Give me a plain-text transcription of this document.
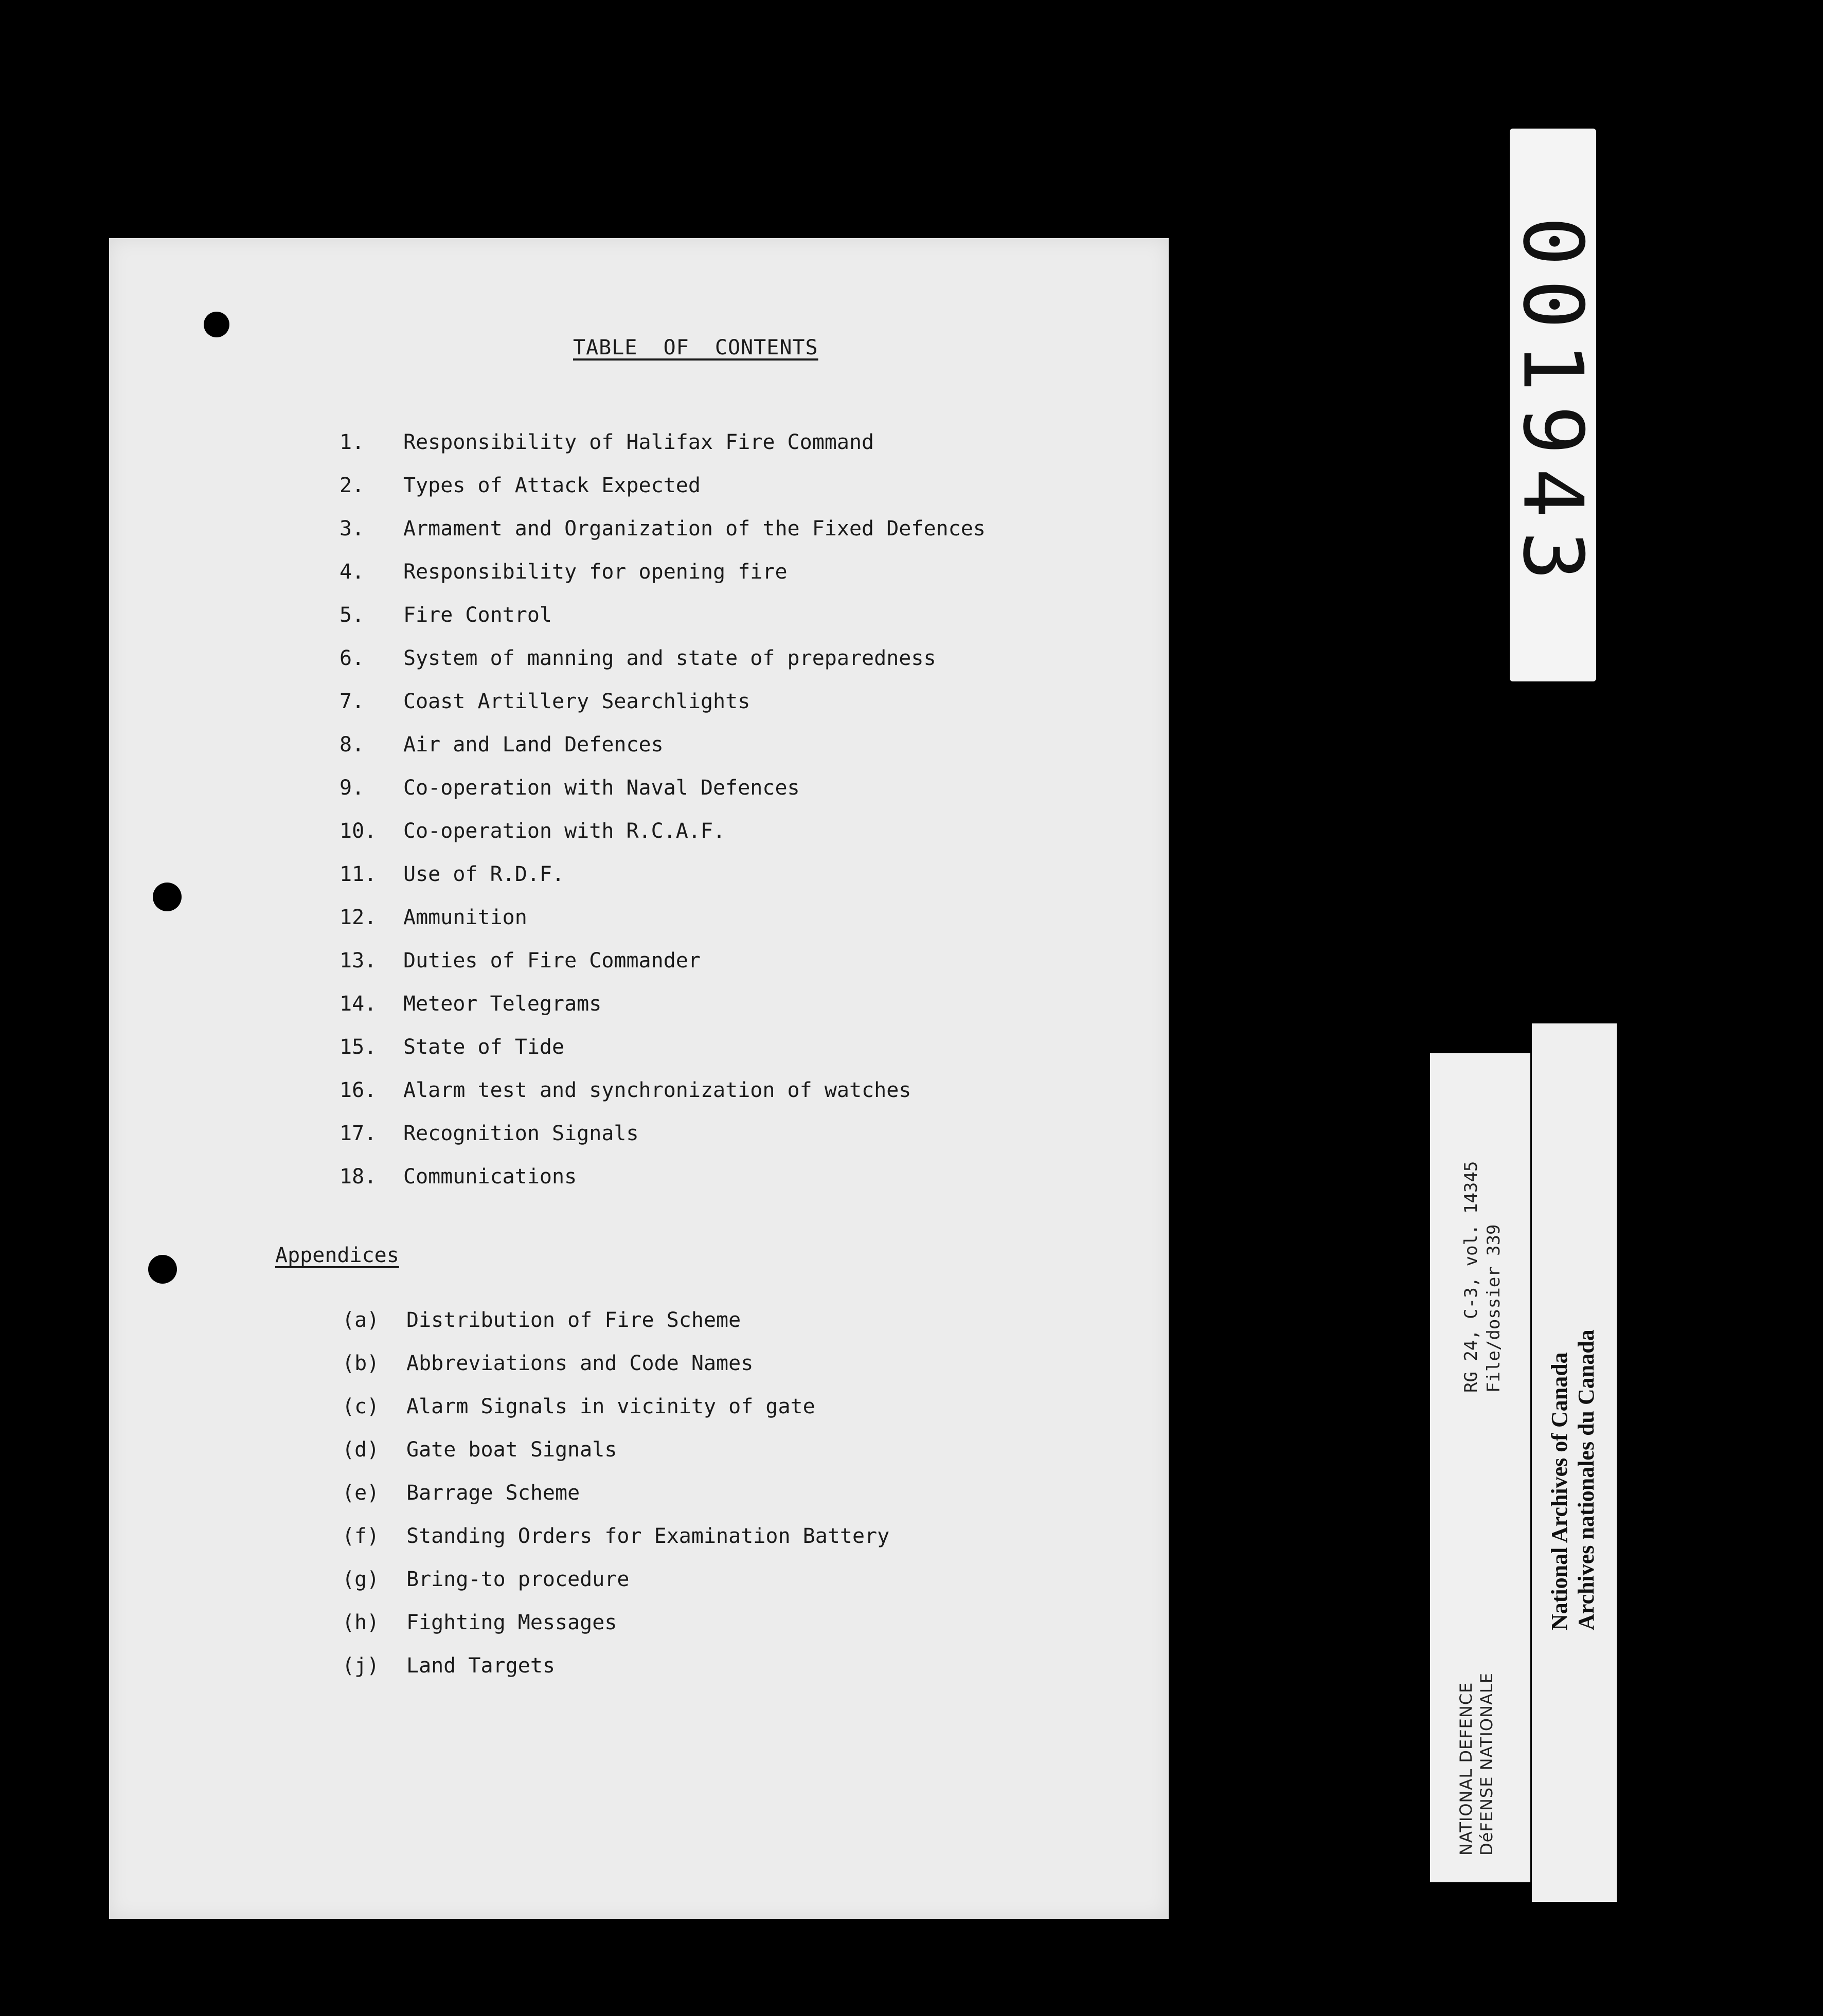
TABLE  OF  CONTENTS
1.	Responsibility of Halifax Fire Command
2.	Types of Attack Expected
3.	Armament and Organization of the Fixed Defences
4.	Responsibility for opening fire
5.	Fire Control
6.	System of manning and state of preparedness
7.	Coast Artillery Searchlights
8.	Air and Land Defences
9.	Co-operation with Naval Defences
10.	Co-operation with R.C.A.F.
11.	Use of R.D.F.
12.	Ammunition
13.	Duties of Fire Commander
14.	Meteor Telegrams
15.	State of Tide
16.	Alarm test and synchronization of watches
17.	Recognition Signals
18.	Communications
Appendices
(a)	Distribution of Fire Scheme
(b)	Abbreviations and Code Names
(c)	Alarm Signals in vicinity of gate
(d)	Gate boat Signals
(e)	Barrage Scheme
(f)	Standing Orders for Examination Battery
(g)	Bring-to procedure
(h)	Fighting Messages
(j)	Land Targets
001943
RG 24, C-3, vol. 14345 File/dossier 339
NATIONAL DEFENCE DéFENSE NATIONALE
National Archives of Canada Archives nationales du Canada
